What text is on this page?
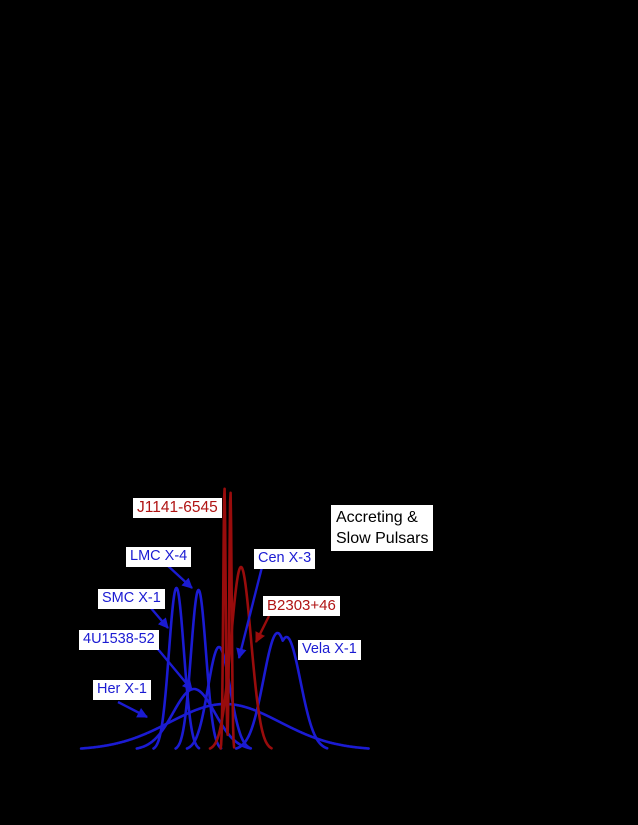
J1141-6545
LMC X-4	Cen X-3
SMC X-1	B2303+46
4U1538-52
Vela X-1
Her X-1
Accreting &
Slow Pulsars
